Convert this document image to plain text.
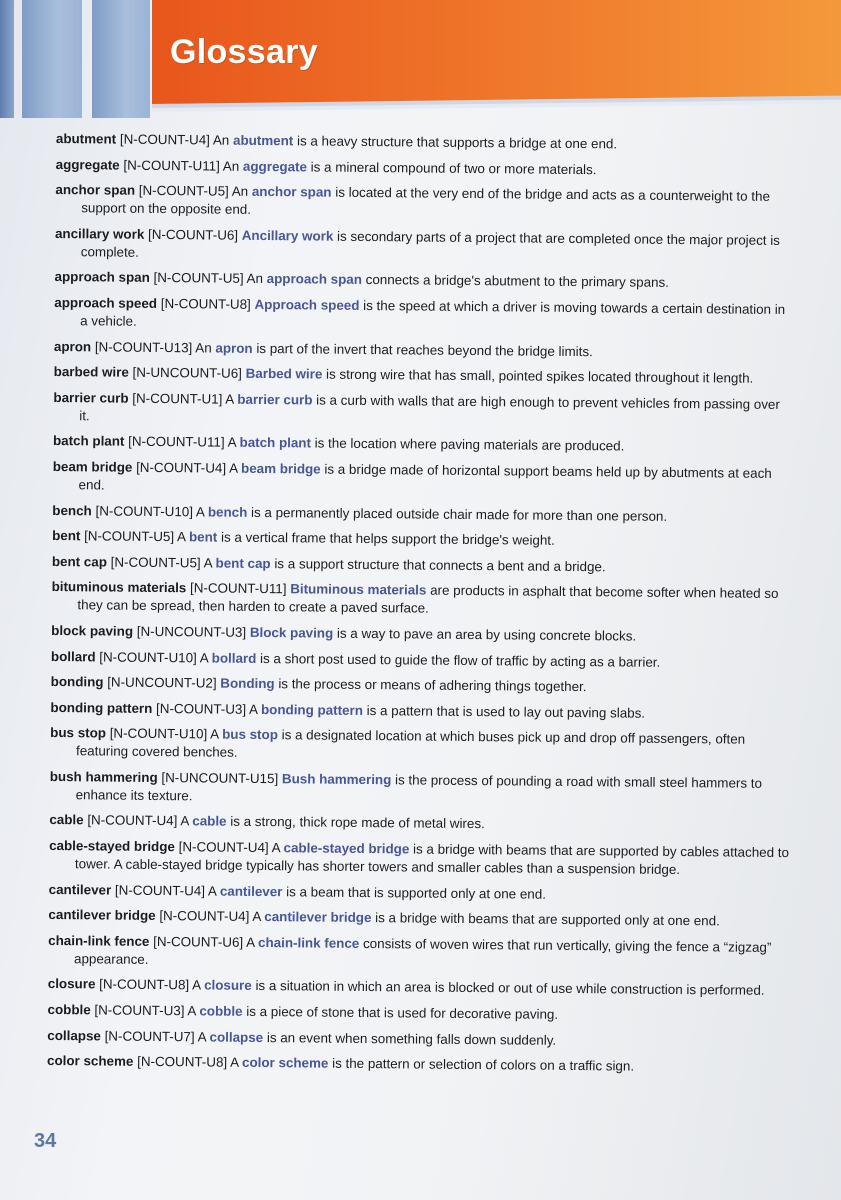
Glossary

abutment [N-COUNT-U4] An abutment is a heavy structure that supports a bridge at one end.

aggregate [N-COUNT-U11] An aggregate is a mineral compound of two or more materials.

anchor span [N-COUNT-U5] An anchor span is located at the very end of the bridge and acts as a counterweight to the support on the opposite end.

ancillary work [N-COUNT-U6] Ancillary work is secondary parts of a project that are completed once the major project is complete.

approach span [N-COUNT-U5] An approach span connects a bridge's abutment to the primary spans.

approach speed [N-COUNT-U8] Approach speed is the speed at which a driver is moving towards a certain destination in a vehicle.

apron [N-COUNT-U13] An apron is part of the invert that reaches beyond the bridge limits.

barbed wire [N-UNCOUNT-U6] Barbed wire is strong wire that has small, pointed spikes located throughout it length.

barrier curb [N-COUNT-U1] A barrier curb is a curb with walls that are high enough to prevent vehicles from passing over it.

batch plant [N-COUNT-U11] A batch plant is the location where paving materials are produced.

beam bridge [N-COUNT-U4] A beam bridge is a bridge made of horizontal support beams held up by abutments at each end.

bench [N-COUNT-U10] A bench is a permanently placed outside chair made for more than one person.

bent [N-COUNT-U5] A bent is a vertical frame that helps support the bridge's weight.

bent cap [N-COUNT-U5] A bent cap is a support structure that connects a bent and a bridge.

bituminous materials [N-COUNT-U11] Bituminous materials are products in asphalt that become softer when heated so they can be spread, then harden to create a paved surface.

block paving [N-UNCOUNT-U3] Block paving is a way to pave an area by using concrete blocks.

bollard [N-COUNT-U10] A bollard is a short post used to guide the flow of traffic by acting as a barrier.

bonding [N-UNCOUNT-U2] Bonding is the process or means of adhering things together.

bonding pattern [N-COUNT-U3] A bonding pattern is a pattern that is used to lay out paving slabs.

bus stop [N-COUNT-U10] A bus stop is a designated location at which buses pick up and drop off passengers, often featuring covered benches.

bush hammering [N-UNCOUNT-U15] Bush hammering is the process of pounding a road with small steel hammers to enhance its texture.

cable [N-COUNT-U4] A cable is a strong, thick rope made of metal wires.

cable-stayed bridge [N-COUNT-U4] A cable-stayed bridge is a bridge with beams that are supported by cables attached to tower. A cable-stayed bridge typically has shorter towers and smaller cables than a suspension bridge.

cantilever [N-COUNT-U4] A cantilever is a beam that is supported only at one end.

cantilever bridge [N-COUNT-U4] A cantilever bridge is a bridge with beams that are supported only at one end.

chain-link fence [N-COUNT-U6] A chain-link fence consists of woven wires that run vertically, giving the fence a “zigzag” appearance.

closure [N-COUNT-U8] A closure is a situation in which an area is blocked or out of use while construction is performed.

cobble [N-COUNT-U3] A cobble is a piece of stone that is used for decorative paving.

collapse [N-COUNT-U7] A collapse is an event when something falls down suddenly.

color scheme [N-COUNT-U8] A color scheme is the pattern or selection of colors on a traffic sign.

34
